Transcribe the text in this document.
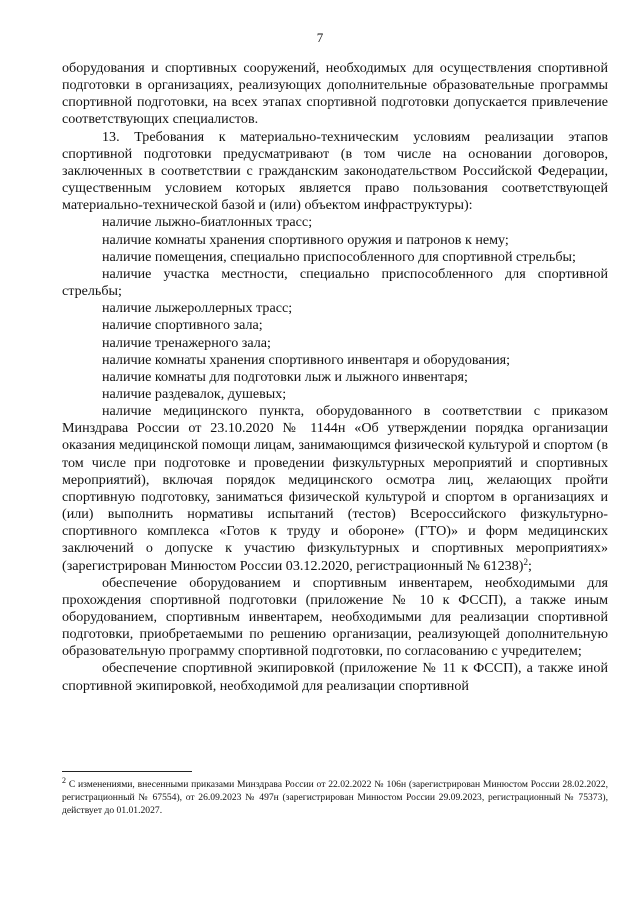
7

оборудования и спортивных сооружений, необходимых для осуществления спортивной подготовки в организациях, реализующих дополнительные образовательные программы спортивной подготовки, на всех этапах спортивной подготовки допускается привлечение соответствующих специалистов.

13. Требования к материально-техническим условиям реализации этапов спортивной подготовки предусматривают (в том числе на основании договоров, заключенных в соответствии с гражданским законодательством Российской Федерации, существенным условием которых является право пользования соответствующей материально-технической базой и (или) объектом инфраструктуры):

наличие лыжно-биатлонных трасс;

наличие комнаты хранения спортивного оружия и патронов к нему;

наличие помещения, специально приспособленного для спортивной стрельбы;

наличие участка местности, специально приспособленного для спортивной стрельбы;

наличие лыжероллерных трасс;

наличие спортивного зала;

наличие тренажерного зала;

наличие комнаты хранения спортивного инвентаря и оборудования;

наличие комнаты для подготовки лыж и лыжного инвентаря;

наличие раздевалок, душевых;

наличие медицинского пункта, оборудованного в соответствии с приказом Минздрава России от 23.10.2020 № 1144н «Об утверждении порядка организации оказания медицинской помощи лицам, занимающимся физической культурой и спортом (в том числе при подготовке и проведении физкультурных мероприятий и спортивных мероприятий), включая порядок медицинского осмотра лиц, желающих пройти спортивную подготовку, заниматься физической культурой и спортом в организациях и (или) выполнить нормативы испытаний (тестов) Всероссийского физкультурно-спортивного комплекса «Готов к труду и обороне» (ГТО)» и форм медицинских заключений о допуске к участию физкультурных и спортивных мероприятиях» (зарегистрирован Минюстом России 03.12.2020, регистрационный № 61238)$^2$;

обеспечение оборудованием и спортивным инвентарем, необходимыми для прохождения спортивной подготовки (приложение № 10 к ФССП), а также иным оборудованием, спортивным инвентарем, необходимыми для реализации спортивной подготовки, приобретаемыми по решению организации, реализующей дополнительную образовательную программу спортивной подготовки, по согласованию с учредителем;

обеспечение спортивной экипировкой (приложение № 11 к ФССП), а также иной спортивной экипировкой, необходимой для реализации спортивной

$^2$ С изменениями, внесенными приказами Минздрава России от 22.02.2022 № 106н (зарегистрирован Минюстом России 28.02.2022, регистрационный № 67554), от 26.09.2023 № 497н (зарегистрирован Минюстом России 29.09.2023, регистрационный № 75373), действует до 01.01.2027.
